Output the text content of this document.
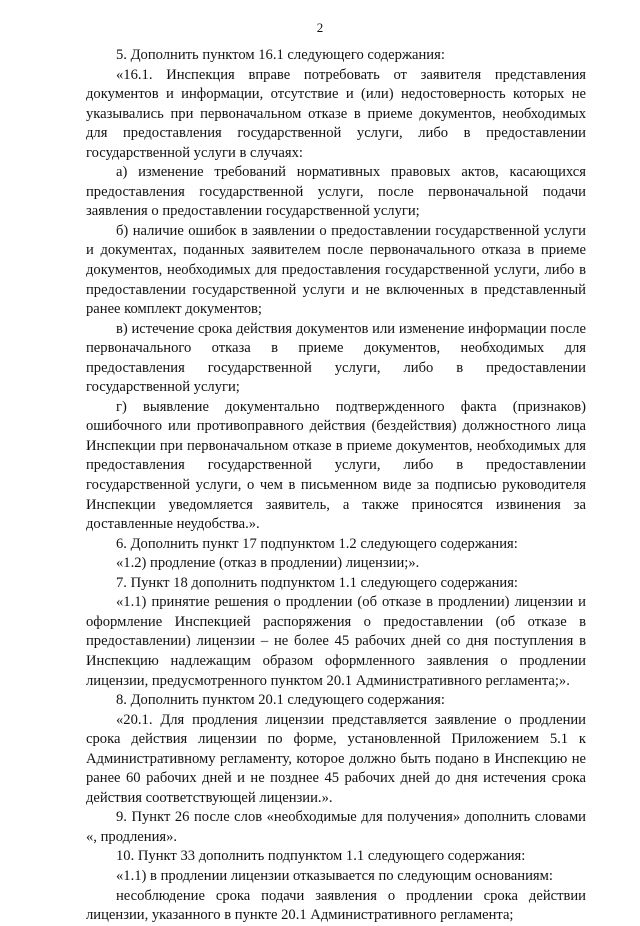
2

5. Дополнить пунктом 16.1 следующего содержания:

«16.1. Инспекция вправе потребовать от заявителя представления документов и информации, отсутствие и (или) недостоверность которых не указывались при первоначальном отказе в приеме документов, необходимых для предоставления государственной услуги, либо в предоставлении государственной услуги в случаях:

а) изменение требований нормативных правовых актов, касающихся предоставления государственной услуги, после первоначальной подачи заявления о предоставлении государственной услуги;

б) наличие ошибок в заявлении о предоставлении государственной услуги и документах, поданных заявителем после первоначального отказа в приеме документов, необходимых для предоставления государственной услуги, либо в предоставлении государственной услуги и не включенных в представленный ранее комплект документов;

в) истечение срока действия документов или изменение информации после первоначального отказа в приеме документов, необходимых для предоставления государственной услуги, либо в предоставлении государственной услуги;

г) выявление документально подтвержденного факта (признаков) ошибочного или противоправного действия (бездействия) должностного лица Инспекции при первоначальном отказе в приеме документов, необходимых для предоставления государственной услуги, либо в предоставлении государственной услуги, о чем в письменном виде за подписью руководителя Инспекции уведомляется заявитель, а также приносятся извинения за доставленные неудобства.».

6. Дополнить пункт 17 подпунктом 1.2 следующего содержания:

«1.2) продление (отказ в продлении) лицензии;».

7. Пункт 18 дополнить подпунктом 1.1 следующего содержания:

«1.1) принятие решения о продлении (об отказе в продлении) лицензии и оформление Инспекцией распоряжения о предоставлении (об отказе в предоставлении) лицензии – не более 45 рабочих дней со дня поступления в Инспекцию надлежащим образом оформленного заявления о продлении лицензии, предусмотренного пунктом 20.1 Административного регламента;».

8. Дополнить пунктом 20.1 следующего содержания:

«20.1. Для продления лицензии представляется заявление о продлении срока действия лицензии по форме, установленной Приложением 5.1 к Административному регламенту, которое должно быть подано в Инспекцию не ранее 60 рабочих дней и не позднее 45 рабочих дней до дня истечения срока действия соответствующей лицензии.».

9. Пункт 26 после слов «необходимые для получения» дополнить словами «, продления».

10. Пункт 33 дополнить подпунктом 1.1 следующего содержания:

«1.1) в продлении лицензии отказывается по следующим основаниям:

несоблюдение срока подачи заявления о продлении срока действии лицензии, указанного в пункте 20.1 Административного регламента;
